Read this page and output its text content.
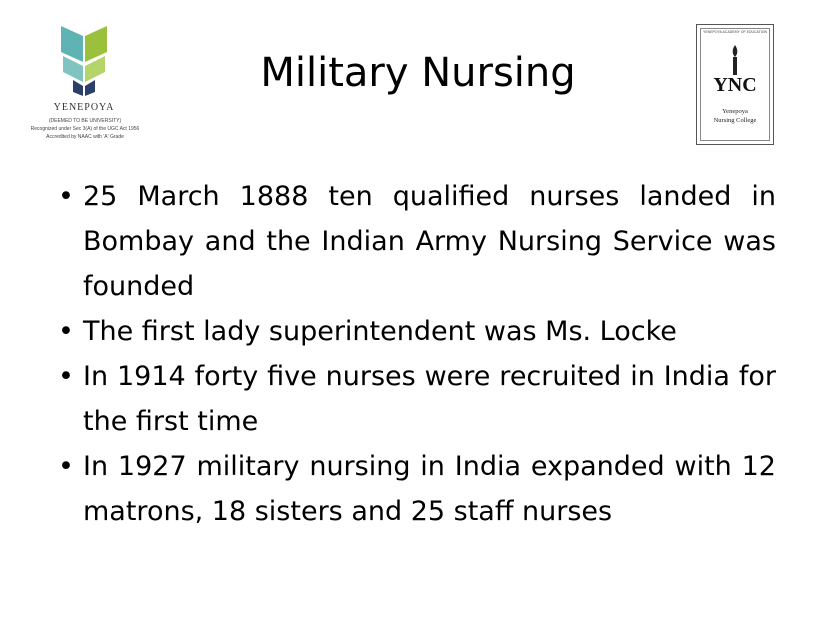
YENEPOYA
(DEEMED TO BE UNIVERSITY)
Recognized under Sec 3(A) of the UGC Act 1956
Accredited by NAAC with 'A' Grade
YENEPOYA ACADEMY OF EDUCATION
YNC
Yenepoya
Nursing College
Military Nursing
• 25 March 1888 ten qualified nurses landed in Bombay and the Indian Army Nursing Service was founded
• The first lady superintendent was Ms. Locke
• In 1914 forty five nurses were recruited in India for the first time
• In 1927 military nursing in India expanded with 12 matrons, 18 sisters and 25 staff nurses
